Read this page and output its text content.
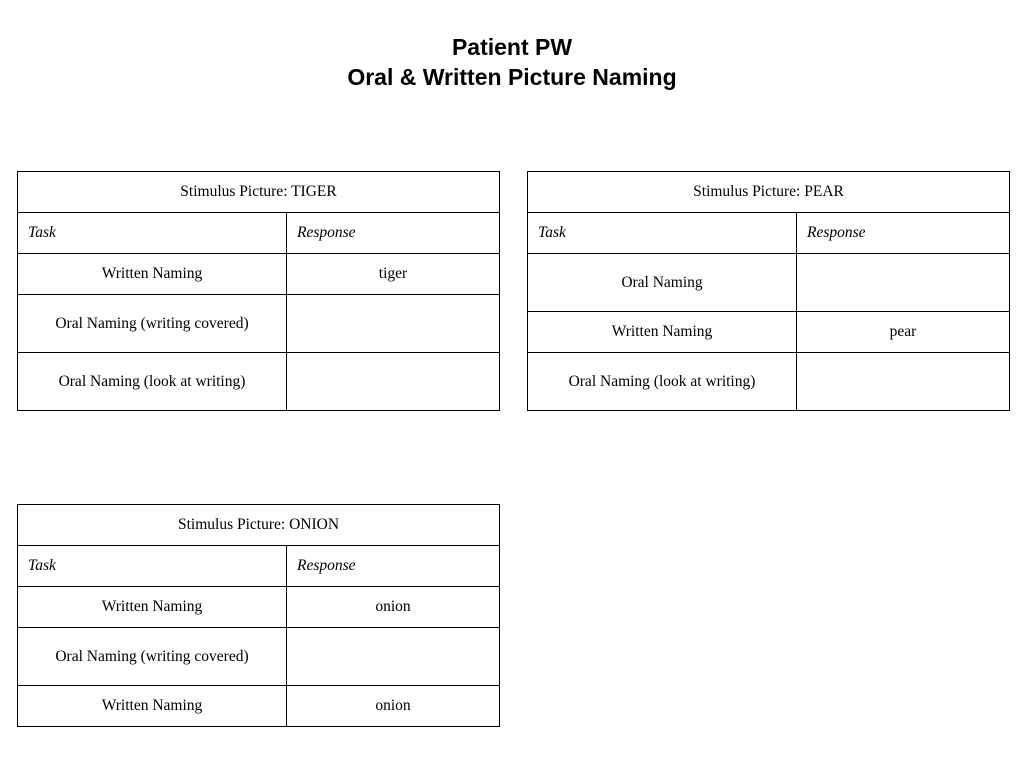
Patient PW
Oral & Written Picture Naming
Stimulus Picture: TIGER	
Task	Response
Written Naming	tiger
Oral Naming (writing covered)	
Oral Naming (look at writing)	
Stimulus Picture: PEAR	
Task	Response
Oral Naming	
Written Naming	pear
Oral Naming (look at writing)	
Stimulus Picture: ONION	
Task	Response
Written Naming	onion
Oral Naming (writing covered)	
Written Naming	onion
